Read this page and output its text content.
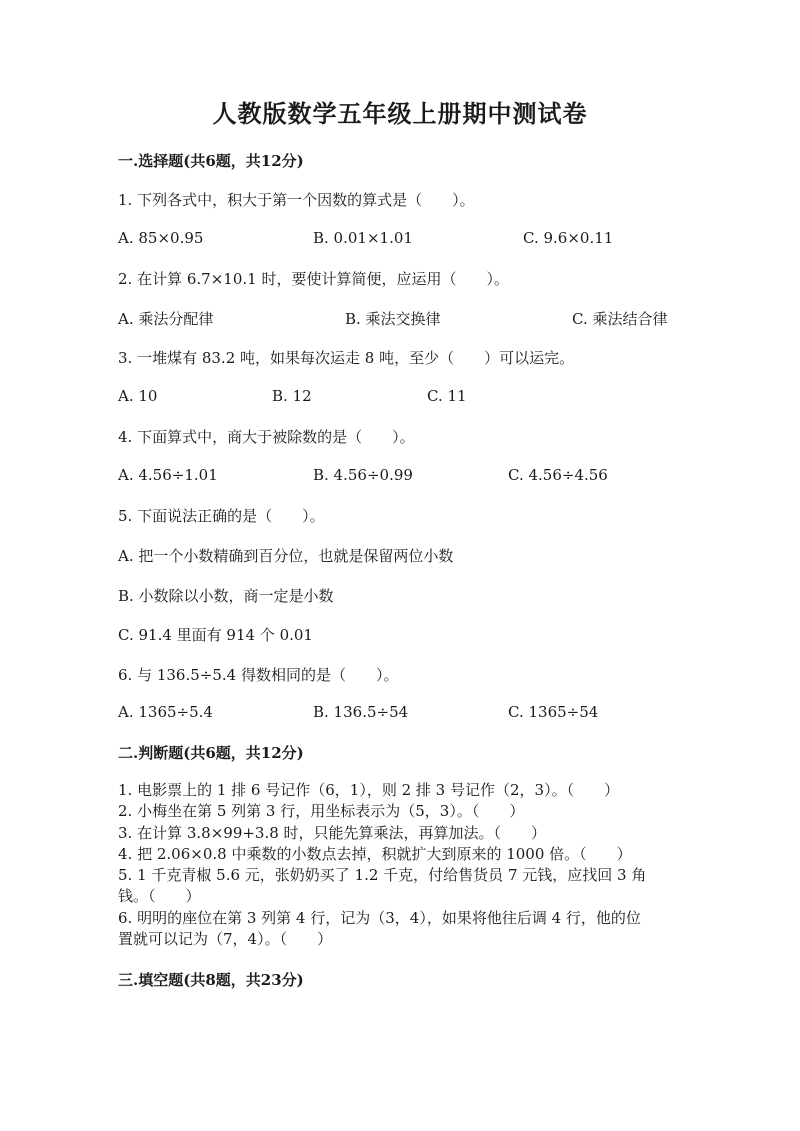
人教版数学五年级上册期中测试卷
一.选择题(共6题，共12分)
1. 下列各式中，积大于第一个因数的算式是（　　）。
A. 85×0.95	B. 0.01×1.01	C. 9.6×0.11
2. 在计算 6.7×10.1 时，要使计算简便，应运用（　　）。
A. 乘法分配律	B. 乘法交换律	C. 乘法结合律
3. 一堆煤有 83.2 吨，如果每次运走 8 吨，至少（　　）可以运完。
A. 10	B. 12	C. 11
4. 下面算式中，商大于被除数的是（　　）。
A. 4.56÷1.01	B. 4.56÷0.99	C. 4.56÷4.56
5. 下面说法正确的是（　　）。
A. 把一个小数精确到百分位，也就是保留两位小数
B. 小数除以小数，商一定是小数
C. 91.4 里面有 914 个 0.01
6. 与 136.5÷5.4 得数相同的是（　　）。
A. 1365÷5.4	B. 136.5÷54	C. 1365÷54
二.判断题(共6题，共12分)
1. 电影票上的 1 排 6 号记作（6，1），则 2 排 3 号记作（2，3）。（　　）
2. 小梅坐在第 5 列第 3 行，用坐标表示为（5，3）。（　　）
3. 在计算 3.8×99+3.8 时，只能先算乘法，再算加法。（　　）
4. 把 2.06×0.8 中乘数的小数点去掉，积就扩大到原来的 1000 倍。（　　）
5. 1 千克青椒 5.6 元，张奶奶买了 1.2 千克，付给售货员 7 元钱，应找回 3 角
钱。（　　）
6. 明明的座位在第 3 列第 4 行，记为（3，4），如果将他往后调 4 行，他的位
置就可以记为（7，4）。（　　）
三.填空题(共8题，共23分)
